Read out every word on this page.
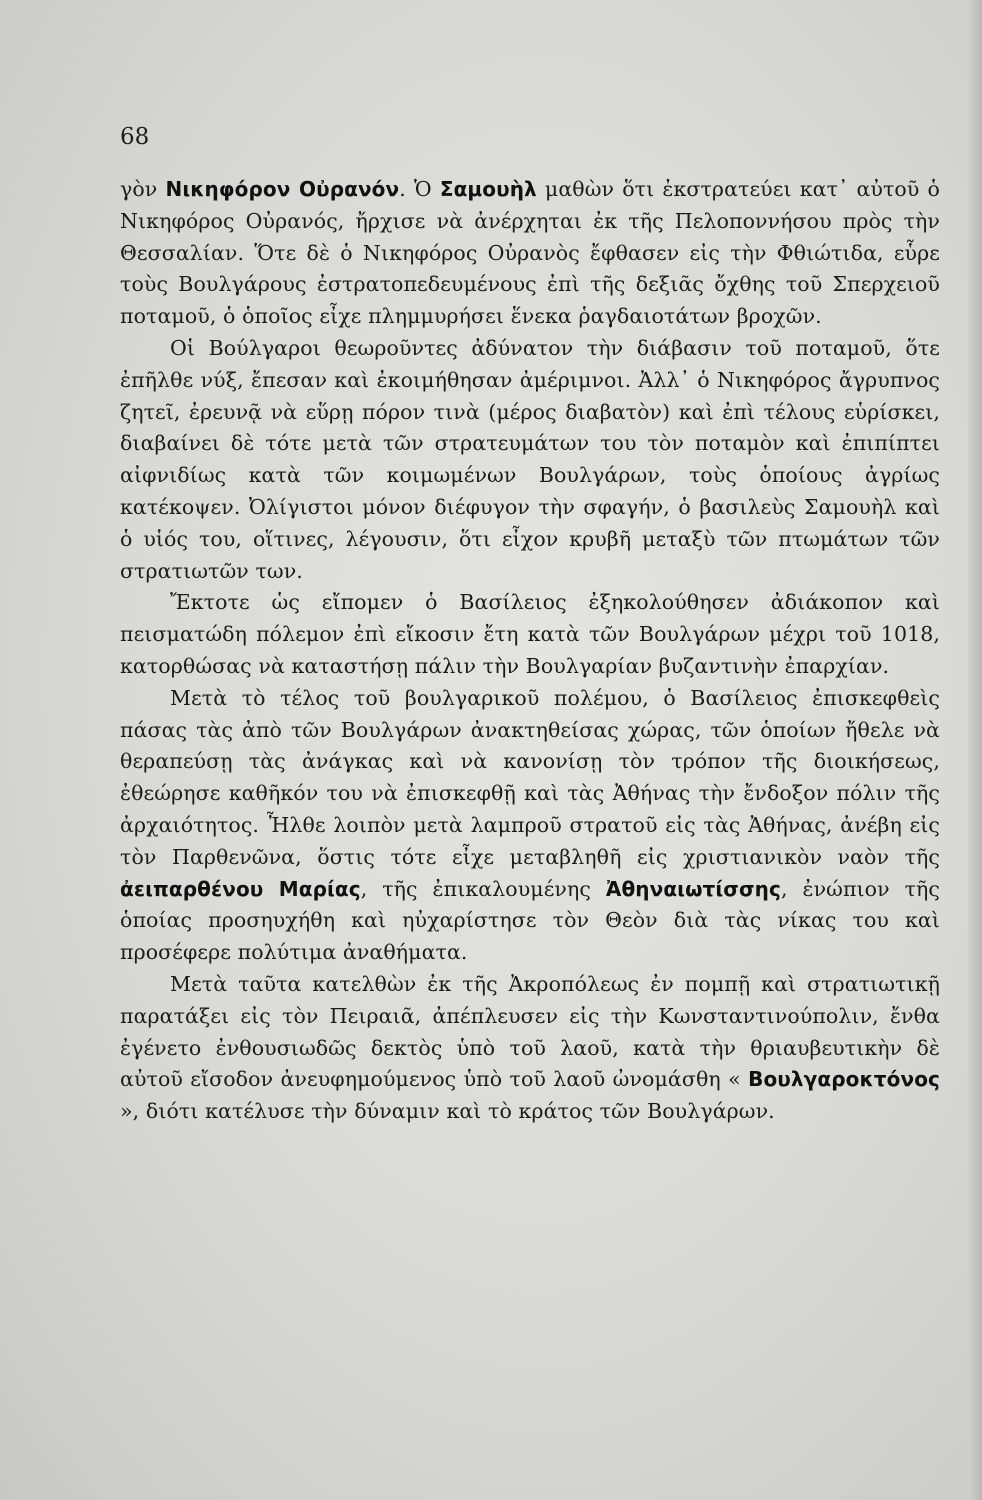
68

γὸν Νικηφόρον Οὐρανόν. Ὁ Σαμουὴλ μαθὼν ὅτι ἐκστρατεύει κατ᾽ αὐτοῦ ὁ Νικηφόρος Οὐρανός, ἤρχισε νὰ ἀνέρχηται ἐκ τῆς Πελοποννήσου πρὸς τὴν Θεσσαλίαν. Ὅτε δὲ ὁ Νικηφόρος Οὐρανὸς ἔφθασεν εἰς τὴν Φθιώτιδα, εὗρε τοὺς Βουλγάρους ἐστρατοπεδευμένους ἐπὶ τῆς δεξιᾶς ὄχθης τοῦ Σπερχειοῦ ποταμοῦ, ὁ ὁποῖος εἶχε πλημμυρήσει ἕνεκα ῥαγδαιοτάτων βροχῶν.

Οἱ Βούλγαροι θεωροῦντες ἀδύνατον τὴν διάβασιν τοῦ ποταμοῦ, ὅτε ἐπῆλθε νύξ, ἔπεσαν καὶ ἐκοιμήθησαν ἀμέριμνοι. Ἀλλ᾽ ὁ Νικηφόρος ἄγρυπνος ζητεῖ, ἐρευνᾷ νὰ εὕρῃ πόρον τινὰ (μέρος διαβατὸν) καὶ ἐπὶ τέλους εὑρίσκει, διαβαίνει δὲ τότε μετὰ τῶν στρατευμάτων του τὸν ποταμὸν καὶ ἐπιπίπτει αἰφνιδίως κατὰ τῶν κοιμωμένων Βουλγάρων, τοὺς ὁποίους ἀγρίως κατέκοψεν. Ὀλίγιστοι μόνον διέφυγον τὴν σφαγήν, ὁ βασιλεὺς Σαμουὴλ καὶ ὁ υἱός του, οἵτινες, λέγουσιν, ὅτι εἶχον κρυβῆ μεταξὺ τῶν πτωμάτων τῶν στρατιωτῶν των.

Ἔκτοτε ὡς εἴπομεν ὁ Βασίλειος ἐξηκολούθησεν ἀδιάκοπον καὶ πεισματώδη πόλεμον ἐπὶ εἴκοσιν ἔτη κατὰ τῶν Βουλγάρων μέχρι τοῦ 1018, κατορθώσας νὰ καταστήσῃ πάλιν τὴν Βουλγαρίαν βυζαντινὴν ἐπαρχίαν.

Μετὰ τὸ τέλος τοῦ βουλγαρικοῦ πολέμου, ὁ Βασίλειος ἐπισκεφθεὶς πάσας τὰς ἀπὸ τῶν Βουλγάρων ἀνακτηθείσας χώρας, τῶν ὁποίων ἤθελε νὰ θεραπεύσῃ τὰς ἀνάγκας καὶ νὰ κανονίσῃ τὸν τρόπον τῆς διοικήσεως, ἐθεώρησε καθῆκόν του νὰ ἐπισκεφθῇ καὶ τὰς Ἀθήνας τὴν ἔνδοξον πόλιν τῆς ἀρχαιότητος. Ἦλθε λοιπὸν μετὰ λαμπροῦ στρατοῦ εἰς τὰς Ἀθήνας, ἀνέβη εἰς τὸν Παρθενῶνα, ὅστις τότε εἶχε μεταβληθῆ εἰς χριστιανικὸν ναὸν τῆς ἀειπαρθένου Μαρίας, τῆς ἐπικαλουμένης Ἀθηναιωτίσσης, ἐνώπιον τῆς ὁποίας προσηυχήθη καὶ ηὐχαρίστησε τὸν Θεὸν διὰ τὰς νίκας του καὶ προσέφερε πολύτιμα ἀναθήματα.

Μετὰ ταῦτα κατελθὼν ἐκ τῆς Ἀκροπόλεως ἐν πομπῇ καὶ στρατιωτικῇ παρατάξει εἰς τὸν Πειραιᾶ, ἀπέπλευσεν εἰς τὴν Κωνσταντινούπολιν, ἔνθα ἐγένετο ἐνθουσιωδῶς δεκτὸς ὑπὸ τοῦ λαοῦ, κατὰ τὴν θριαυβευτικὴν δὲ αὐτοῦ εἴσοδον ἀνευφημούμενος ὑπὸ τοῦ λαοῦ ὠνομάσθη « Βουλγαροκτόνος », διότι κατέλυσε τὴν δύναμιν καὶ τὸ κράτος τῶν Βουλγάρων.
